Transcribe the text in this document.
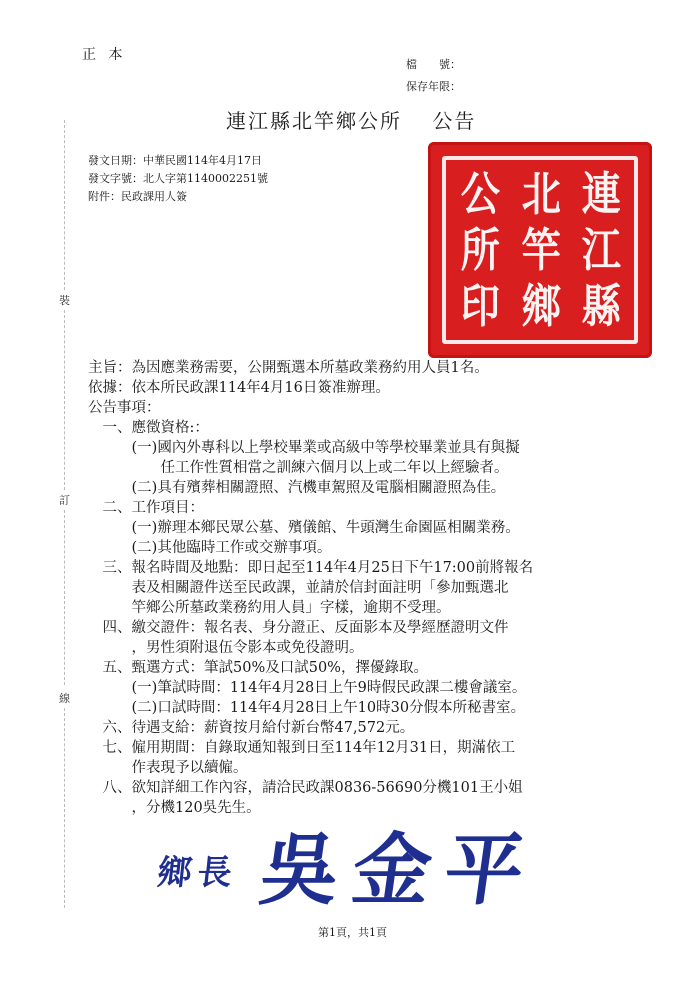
正 本
檔　　號：
保存年限：
連江縣北竿鄉公所　 公告
發文日期：中華民國114年4月17日
發文字號：北人字第1140002251號
附件：民政課用人簽	連
北
公
江
竿
所
縣
鄉
印
裝
訂
線
主旨：為因應業務需要，公開甄選本所墓政業務約用人員1名。
依據：依本所民政課114年4月16日簽准辦理。
公告事項：
　一、應徵資格:：
　　　(一)國內外專科以上學校畢業或高級中等學校畢業並具有與擬
　　　　　任工作性質相當之訓練六個月以上或二年以上經驗者。
　　　(二)具有殯葬相關證照、汽機車駕照及電腦相關證照為佳。
　二、工作項目：
　　　(一)辦理本鄉民眾公墓、殯儀館、牛頭灣生命園區相關業務。
　　　(二)其他臨時工作或交辦事項。
　三、報名時間及地點：即日起至114年4月25日下午17:00前將報名
　　　表及相關證件送至民政課，並請於信封面註明「參加甄選北
　　　竿鄉公所墓政業務約用人員」字樣，逾期不受理。
　四、繳交證件：報名表、身分證正、反面影本及學經歷證明文件
　　　，男性須附退伍令影本或免役證明。
　五、甄選方式：筆試50%及口試50%，擇優錄取。
　　　(一)筆試時間：114年4月28日上午9時假民政課二樓會議室。
　　　(二)口試時間：114年4月28日上午10時30分假本所秘書室。
　六、待遇支給：薪資按月給付新台幣47,572元。
　七、僱用期間：自錄取通知報到日至114年12月31日，期滿依工
　　　作表現予以續僱。
　八、欲知詳細工作內容，請洽民政課0836-56690分機101王小姐
　　　，分機120吳先生。
鄉長 吳金平
第1頁，共1頁
